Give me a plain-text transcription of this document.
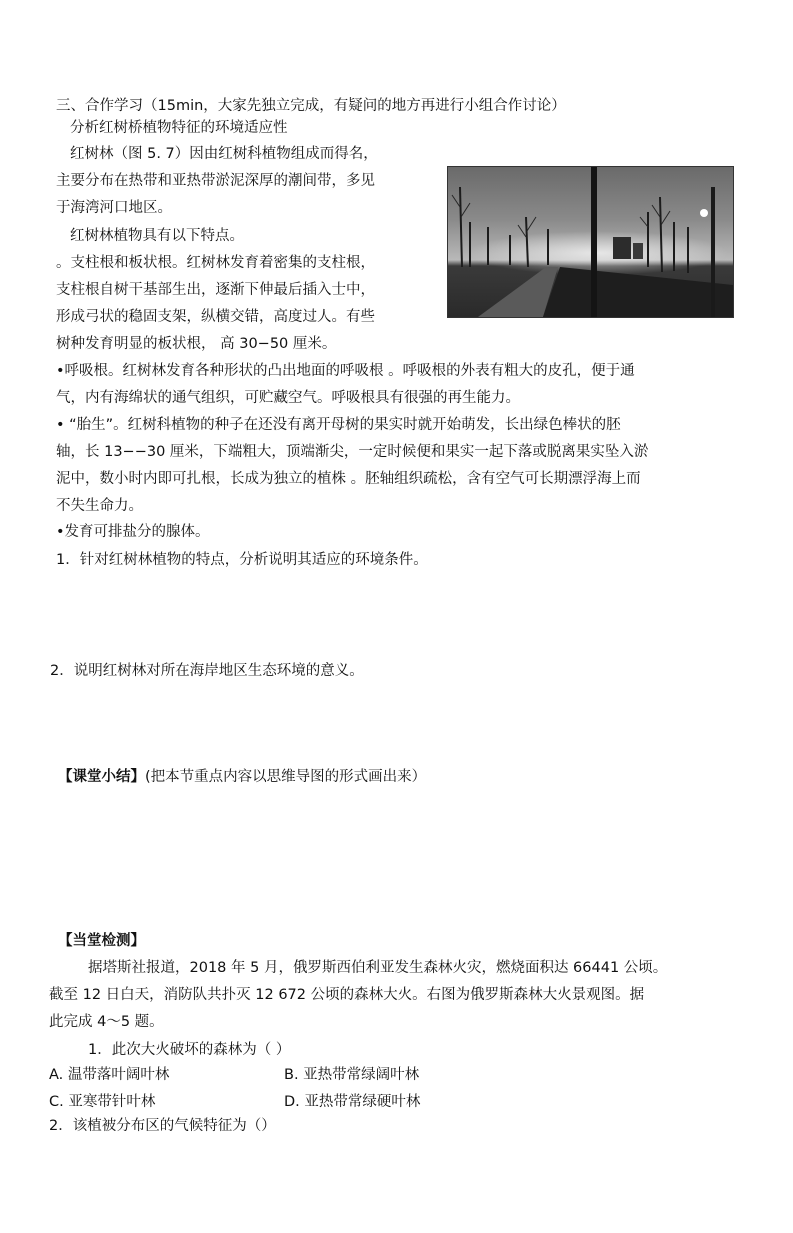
三、合作学习（15min，大家先独立完成，有疑问的地方再进行小组合作讨论）
分析红树桥植物特征的环境适应性
红树林（图 5. 7）因由红树科植物组成而得名，
主要分布在热带和亚热带淤泥深厚的潮间带，多见
于海湾河口地区。
红树林植物具有以下特点。
。支柱根和板状根。红树林发育着密集的支柱根，
支柱根自树干基部生出，逐渐下伸最后插入士中，
形成弓状的稳固支架，纵横交错，高度过人。有些
树种发育明显的板状根， 高 30−50 厘米。
•呼吸根。红树林发育各种形状的凸出地面的呼吸根 。呼吸根的外表有粗大的皮孔，便于通
气，内有海绵状的通气组织，可贮藏空气。呼吸根具有很强的再生能力。
• “胎生”。红树科植物的种子在还没有离开母树的果实时就开始萌发，长出绿色棒状的胚
轴，长 13−−30 厘米，下端粗大，顶端渐尖，一定时候便和果实一起下落或脱离果实坠入淤
泥中，数小时内即可扎根，长成为独立的植株 。胚轴组织疏松，含有空气可长期漂浮海上而
不失生命力。
•发育可排盐分的腺体。
1．针对红树林植物的特点，分析说明其适应的环境条件。
2．说明红树林对所在海岸地区生态环境的意义。
【课堂小结】(把本节重点内容以思维导图的形式画出来）
【当堂检测】
据塔斯社报道，2018 年 5 月，俄罗斯西伯利亚发生森林火灾，燃烧面积达 66441 公顷。
截至 12 日白天，消防队共扑灭 12 672 公顷的森林大火。右图为俄罗斯森林大火景观图。据
此完成 4～5 题。
1．此次大火破坏的森林为（ ）
A. 温带落叶阔叶林	B. 亚热带常绿阔叶林
C. 亚寒带针叶林	D. 亚热带常绿硬叶林
2．该植被分布区的气候特征为（）
